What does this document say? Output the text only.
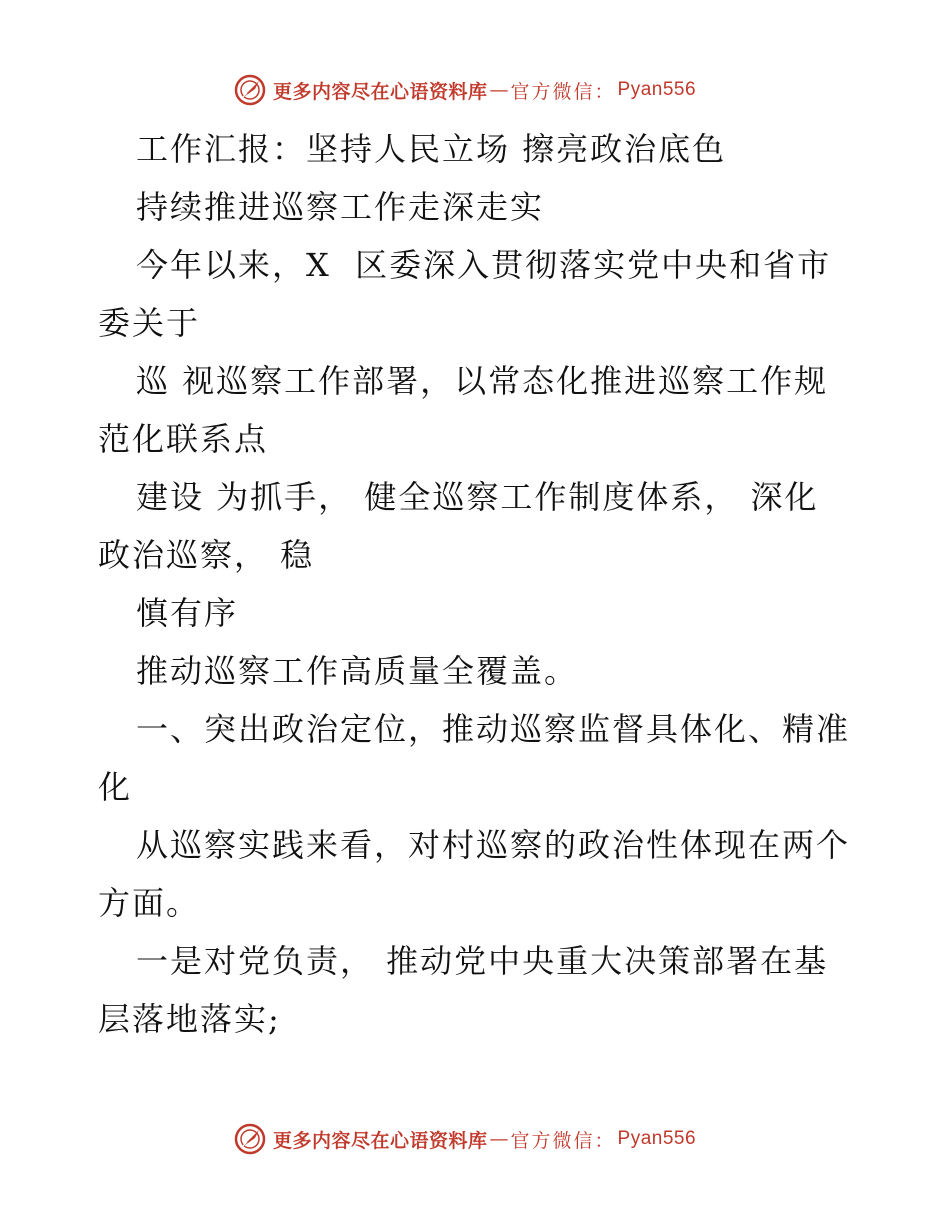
更多内容尽在心语资料库 — 官方微信： Pyan556
工作汇报：坚持人民立场 擦亮政治底色
持续推进巡察工作走深走实
今年以来，X  区委深入贯彻落实党中央和省市
委关于
巡 视巡察工作部署，以常态化推进巡察工作规
范化联系点
建设 为抓手， 健全巡察工作制度体系， 深化
政治巡察， 稳
慎有序
推动巡察工作高质量全覆盖。
一、突出政治定位，推动巡察监督具体化、精准
化
从巡察实践来看，对村巡察的政治性体现在两个
方面。
一是对党负责， 推动党中央重大决策部署在基
层落地落实;
更多内容尽在心语资料库 — 官方微信： Pyan556
